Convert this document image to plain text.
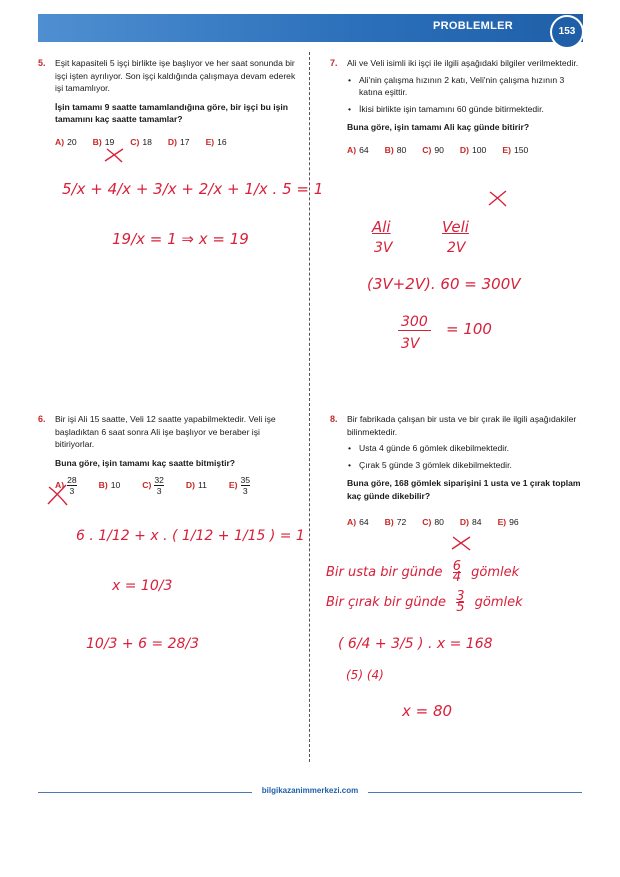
PROBLEMLER	153
5. Eşit kapasiteli 5 işçi birlikte işe başlıyor ve her saat sonunda bir işçi işten ayrılıyor. Son işçi kaldığında çalışmaya devam ederek işi tamamlıyor.

İşin tamamı 9 saatte tamamlandığına göre, bir işçi bu işin tamamını kaç saatte tamamlar?

A) 20 B) 19 C) 18 D) 17 E) 16
7. Ali ve Veli isimli iki işçi ile ilgili aşağıdaki bilgiler verilmektedir.

• Ali'nin çalışma hızının 2 katı, Veli'nin çalışma hızının 3 katına eşittir.
• İkisi birlikte işin tamamını 60 günde bitirmektedir.

Buna göre, işin tamamı Ali kaç günde bitirir?

A) 64 B) 80 C) 90 D) 100 E) 150
6. Bir işi Ali 15 saatte, Veli 12 saatte yapabilmektedir. Veli işe başladıktan 6 saat sonra Ali işe başlıyor ve beraber işi bitiriyorlar.

Buna göre, işin tamamı kaç saatte bitmiştir?

$A) \frac{28}{3}$	B) 10	$C) \frac{32}{3}$	D) 11	$E) \frac{35}{3}$
8. Bir fabrikada çalışan bir usta ve bir çırak ile ilgili aşağıdakiler bilinmektedir.

• Usta 4 günde 6 gömlek dikebilmektedir.
• Çırak 5 günde 3 gömlek dikebilmektedir.

Buna göre, 168 gömlek siparişini 1 usta ve 1 çırak toplam kaç günde dikebilir?

A) 64 B) 72 C) 80 D) 84 E) 96
5/x + 4/x + 3/x + 2/x + 1/x . 5 = 1
19/x = 1 ⇒ x = 19
Ali
3V
Veli
2V
(3V+2V). 60 = 300V
300
3V
= 100
6 . 1/12 + x . ( 1/12 + 1/15 ) = 1
x = 10/3
10/3 + 6 = 28/3
Bir usta bir günde $\frac{6}{4}$ gömlek
Bir çırak bir günde $\frac{3}{5}$ gömlek
( 6/4 + 3/5 ) . x = 168
(5) (4)
x = 80
bilgikazanimmerkezi.com
